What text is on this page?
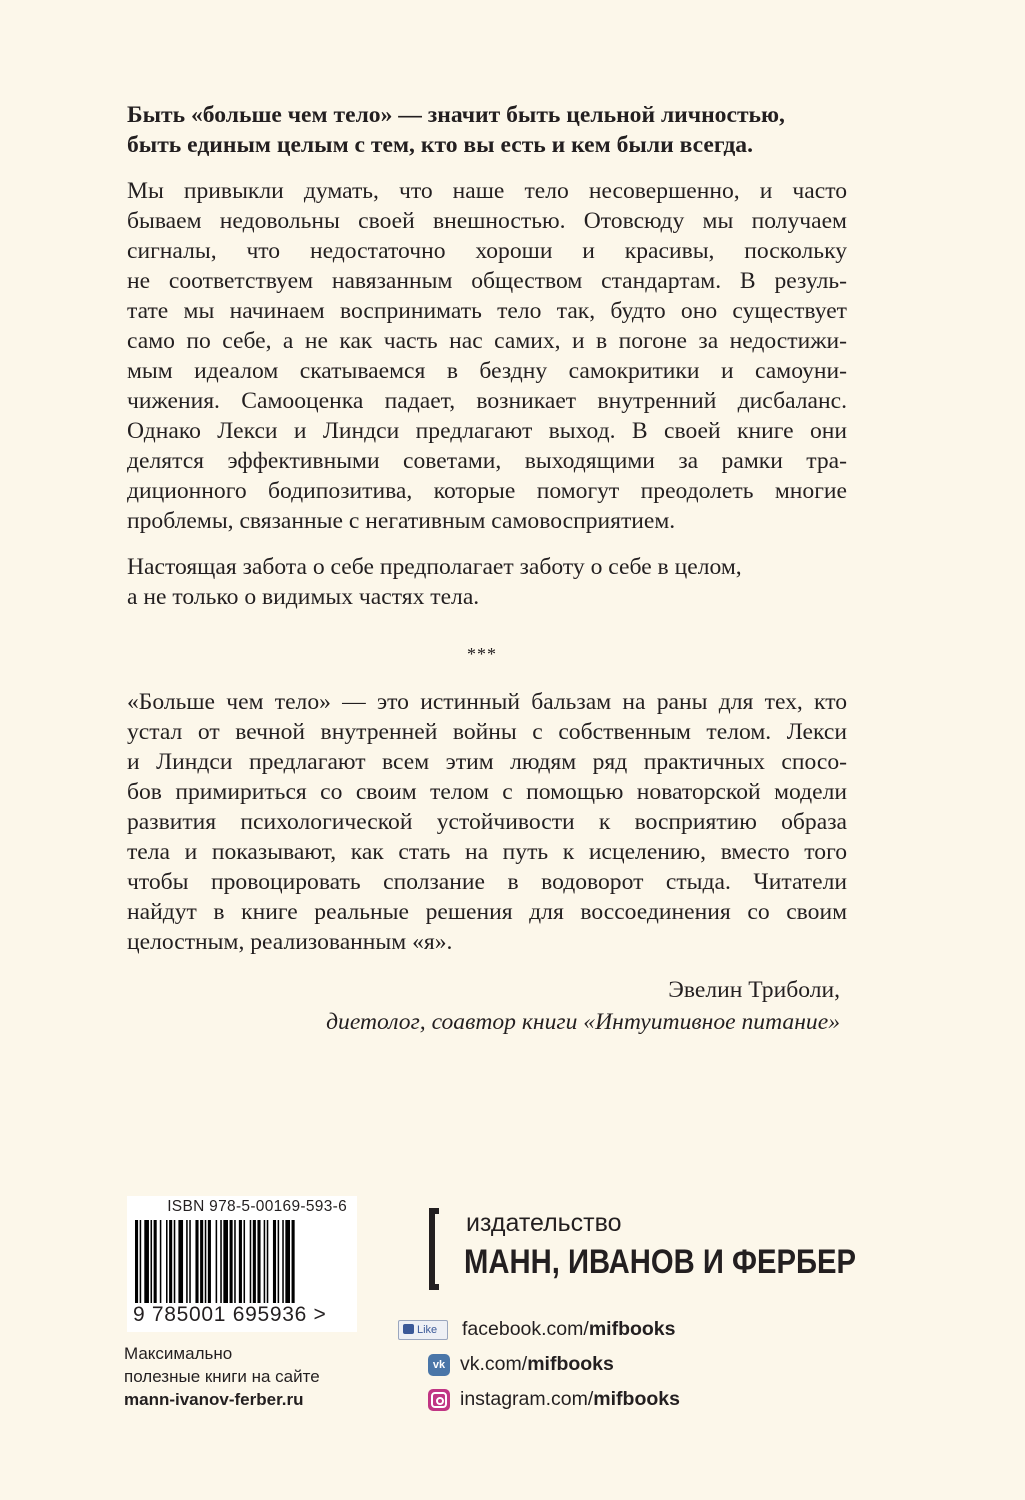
Быть «больше чем тело» — значит быть цельной личностью,
быть единым целым с тем, кто вы есть и кем были всегда.
Мы привыкли думать, что наше тело несовершенно, и часто
бываем недовольны своей внешностью. Отовсюду мы получаем
сигналы, что недостаточно хороши и красивы, поскольку
не соответствуем навязанным обществом стандартам. В резуль-
тате мы начинаем воспринимать тело так, будто оно существует
само по себе, а не как часть нас самих, и в погоне за недостижи-
мым идеалом скатываемся в бездну самокритики и самоуни-
чижения. Самооценка падает, возникает внутренний дисбаланс.
Однако Лекси и Линдси предлагают выход. В своей книге они
делятся эффективными советами, выходящими за рамки тра-
диционного бодипозитива, которые помогут преодолеть многие
проблемы, связанные с негативным самовосприятием.
Настоящая забота о себе предполагает заботу о себе в целом,
а не только о видимых частях тела.
***
«Больше чем тело» — это истинный бальзам на раны для тех, кто
устал от вечной внутренней войны с собственным телом. Лекси
и Линдси предлагают всем этим людям ряд практичных спосо-
бов примириться со своим телом с помощью новаторской модели
развития психологической устойчивости к восприятию образа
тела и показывают, как стать на путь к исцелению, вместо того
чтобы провоцировать сползание в водоворот стыда. Читатели
найдут в книге реальные решения для воссоединения со своим
целостным, реализованным «я».
Эвелин Триболи,
диетолог, соавтор книги «Интуитивное питание»
ISBN 978-5-00169-593-6
9 785001 695936 >
Максимально
полезные книги на сайте
mann-ivanov-ferber.ru
издательство
МАНН, ИВАНОВ И ФЕРБЕР
Like facebook.com/mifbooks
vk vk.com/mifbooks
instagram.com/mifbooks
